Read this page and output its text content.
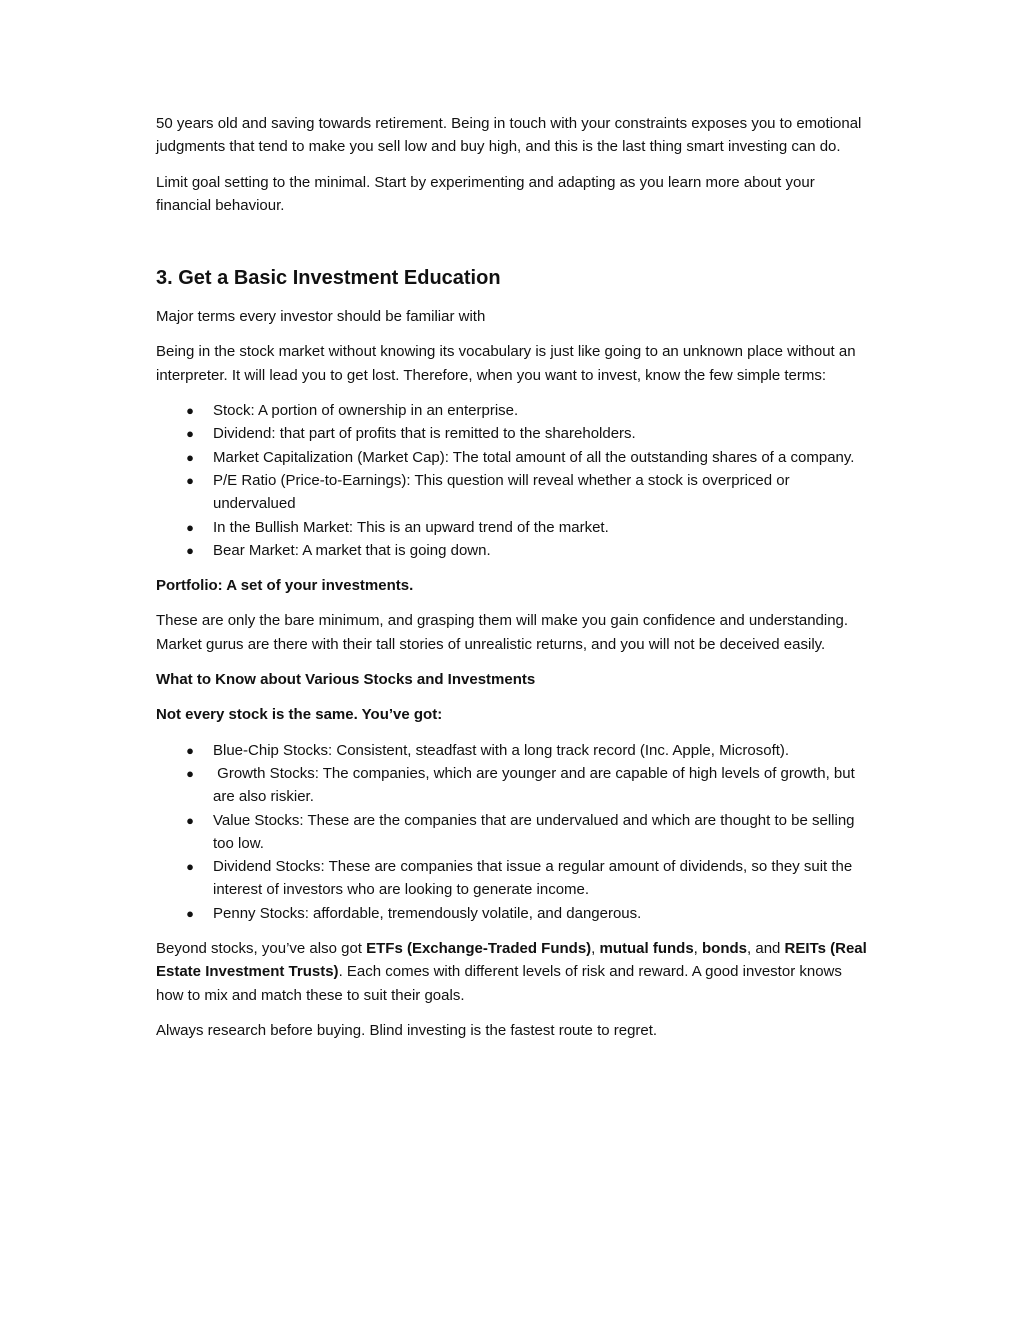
50 years old and saving towards retirement. Being in touch with your constraints exposes you to emotional judgments that tend to make you sell low and buy high, and this is the last thing smart investing can do.

Limit goal setting to the minimal. Start by experimenting and adapting as you learn more about your financial behaviour.

3. Get a Basic Investment Education

Major terms every investor should be familiar with

Being in the stock market without knowing its vocabulary is just like going to an unknown place without an interpreter. It will lead you to get lost. Therefore, when you want to invest, know the few simple terms:

● Stock: A portion of ownership in an enterprise.
● Dividend: that part of profits that is remitted to the shareholders.
● Market Capitalization (Market Cap): The total amount of all the outstanding shares of a company.
● P/E Ratio (Price-to-Earnings): This question will reveal whether a stock is overpriced or undervalued
● In the Bullish Market: This is an upward trend of the market.
● Bear Market: A market that is going down.

Portfolio: A set of your investments.

These are only the bare minimum, and grasping them will make you gain confidence and understanding. Market gurus are there with their tall stories of unrealistic returns, and you will not be deceived easily.

What to Know about Various Stocks and Investments

Not every stock is the same. You’ve got:

● Blue-Chip Stocks: Consistent, steadfast with a long track record (Inc. Apple, Microsoft).
● Growth Stocks: The companies, which are younger and are capable of high levels of growth, but are also riskier.
● Value Stocks: These are the companies that are undervalued and which are thought to be selling too low.
● Dividend Stocks: These are companies that issue a regular amount of dividends, so they suit the interest of investors who are looking to generate income.
● Penny Stocks: affordable, tremendously volatile, and dangerous.

Beyond stocks, you’ve also got ETFs (Exchange-Traded Funds), mutual funds, bonds, and REITs (Real Estate Investment Trusts). Each comes with different levels of risk and reward. A good investor knows how to mix and match these to suit their goals.

Always research before buying. Blind investing is the fastest route to regret.
